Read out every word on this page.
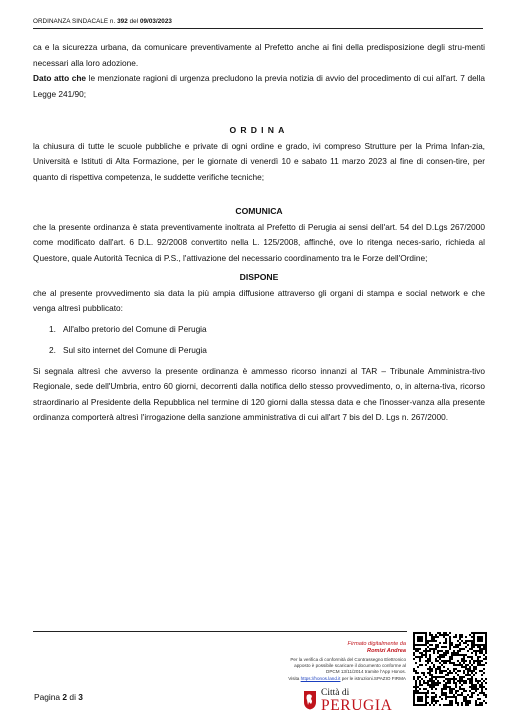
ORDINANZA SINDACALE n. 392 del 09/03/2023

ca e la sicurezza urbana, da comunicare preventivamente al Prefetto anche ai fini della predisposizione degli stru-menti necessari alla loro adozione.

Dato atto che le menzionate ragioni di urgenza precludono la previa notizia di avvio del procedimento di cui all'art. 7 della Legge 241/90;

ORDINA

la chiusura di tutte le scuole pubbliche e private di ogni ordine e grado, ivi compreso Strutture per la Prima Infan-zia, Università e Istituti di Alta Formazione, per le giornate di venerdì 10 e sabato 11 marzo 2023 al fine di consen-tire, per quanto di rispettiva competenza, le suddette verifiche tecniche;

COMUNICA

che la presente ordinanza è stata preventivamente inoltrata al Prefetto di Perugia ai sensi dell'art. 54 del D.Lgs 267/2000 come modificato dall'art. 6 D.L. 92/2008 convertito nella L. 125/2008, affinché, ove lo ritenga neces-sario, richieda al Questore, quale Autorità Tecnica di P.S., l'attivazione del necessario coordinamento tra le Forze dell'Ordine;

DISPONE

che al presente provvedimento sia data la più ampia diffusione attraverso gli organi di stampa e social network e che venga altresì pubblicato:

1. All'albo pretorio del Comune di Perugia
2. Sul sito internet del Comune di Perugia

Si segnala altresì che avverso la presente ordinanza è ammesso ricorso innanzi al TAR – Tribunale Amministra-tivo Regionale, sede dell'Umbria, entro 60 giorni, decorrenti dalla notifica dello stesso provvedimento, o, in alterna-tiva, ricorso straordinario al Presidente della Repubblica nel termine di 120 giorni dalla stessa data e che l'inosser-vanza alla presente ordinanza comporterà altresì l'irrogazione della sanzione amministrativa di cui all'art 7 bis del D. Lgs n. 267/2000.

Firmato digitalmente da
Romizi Andrea
Per la verifica di conformità del Contrassegno Elettronico
apposto è possibile scaricare il documento conforme al
DPCM 13/11/2014 tramite l'App Honos.
Visita https://honos.land.it per le istruzioni.SPAZIO FIRMA
Pagina 2 di 3	Città di
PERUGIA
